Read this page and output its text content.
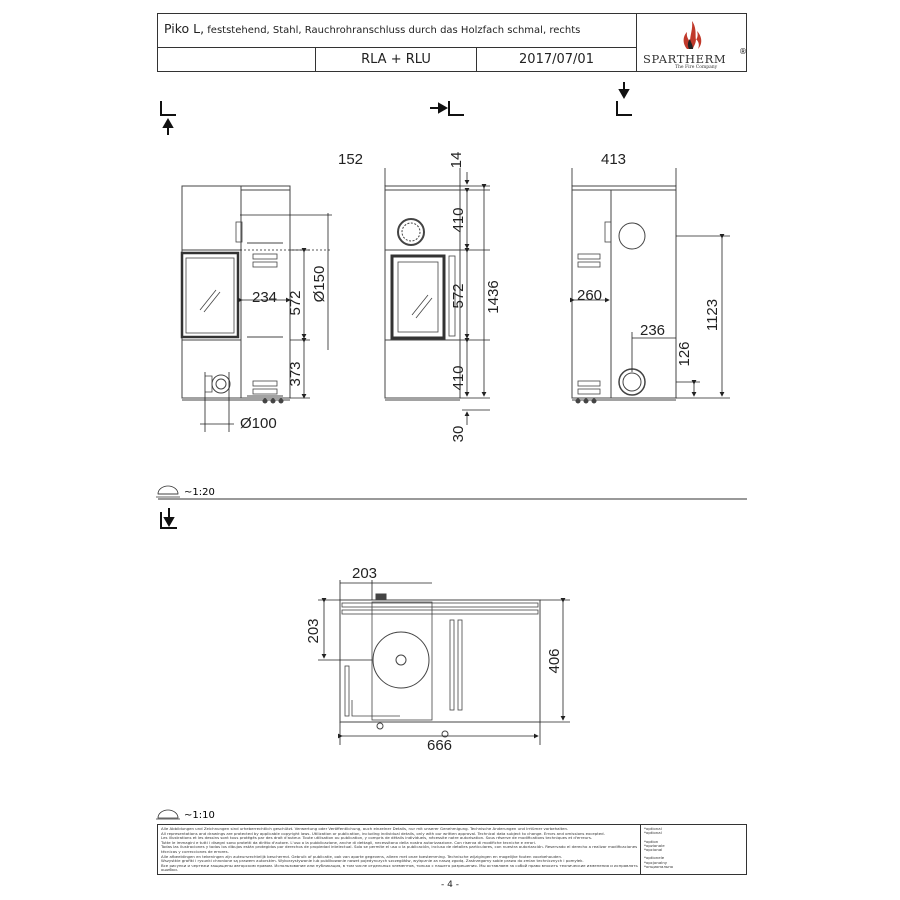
Piko L, feststehend, Stahl, Rauchrohranschluss durch das Holzfach schmal, rechts
RLA + RLU	2017/07/01	SPARTHERM
®
The Fire Company
234 572
Ø150
373
Ø100
152	14
410
572 1436
410
30
413
260
236
126
1123
~1:20
203
203
406
666
~1:10
Alle Abbildungen und Zeichnungen sind urheberrechtlich geschützt. Verwertung oder Veröffentlichung, auch einzelner Details, nur mit unserer Genehmigung. Technische Änderungen und Irrtümer vorbehalten.
All representations and drawings are protected by applicable copyright laws. Utilization or publication, including individual details, only with our written approval. Technical data subject to change. Errors and omissions excepted.
Les illustrations et les dessins sont tous protégés par des droit d'auteur. Toute utilisation ou publication, y compris de détails individuels, nécessite notre autorisation. Sous réserve de modifications techniques et d'erreurs.
Tutte le immagini e tutti i disegni sono protetti da diritto d'autore. L'uso o la pubblicazione, anche di dettagli, necessitano della nostra autorizzazione. Con riserva di modifiche tecniche e errori.
Todas las ilustraciones y todos los dibujos están protegidos por derechos de propiedad intelectual. Solo se permite el uso o la publicación, incluso de detalles particulares, con nuestra autorización. Reservado el derecho a realizar modificaciones técnicas y correcciones de errores.
Alle afbeeldingen en tekeningen zijn auteursrechtelijk beschermd. Gebruik of publicatie, ook van aparte gegevens, alleen met onze toestemming. Technische wijzigingen en mogelijke fouten voorbehouden.
Wszystkie grafiki i rysunki chronione są prawem autorskim. Wykorzystywanie lub publikowanie nawet pojedynczych szczegółów, wyłącznie za naszą zgodą. Zastrzegamy sobie prawo do zmian technicznych i pomyłek.
Все рисунки и чертежи защищены авторским правом. Использование или публикация, в том числе отдельных элементов, только с нашего разрешения. Мы оставляем за собой право вносить технические изменения и исправлять ошибки.
*optional
*optional

*option
*opzionale
*opcional

*optionele
*opcjonalny
*опционально
- 4 -
